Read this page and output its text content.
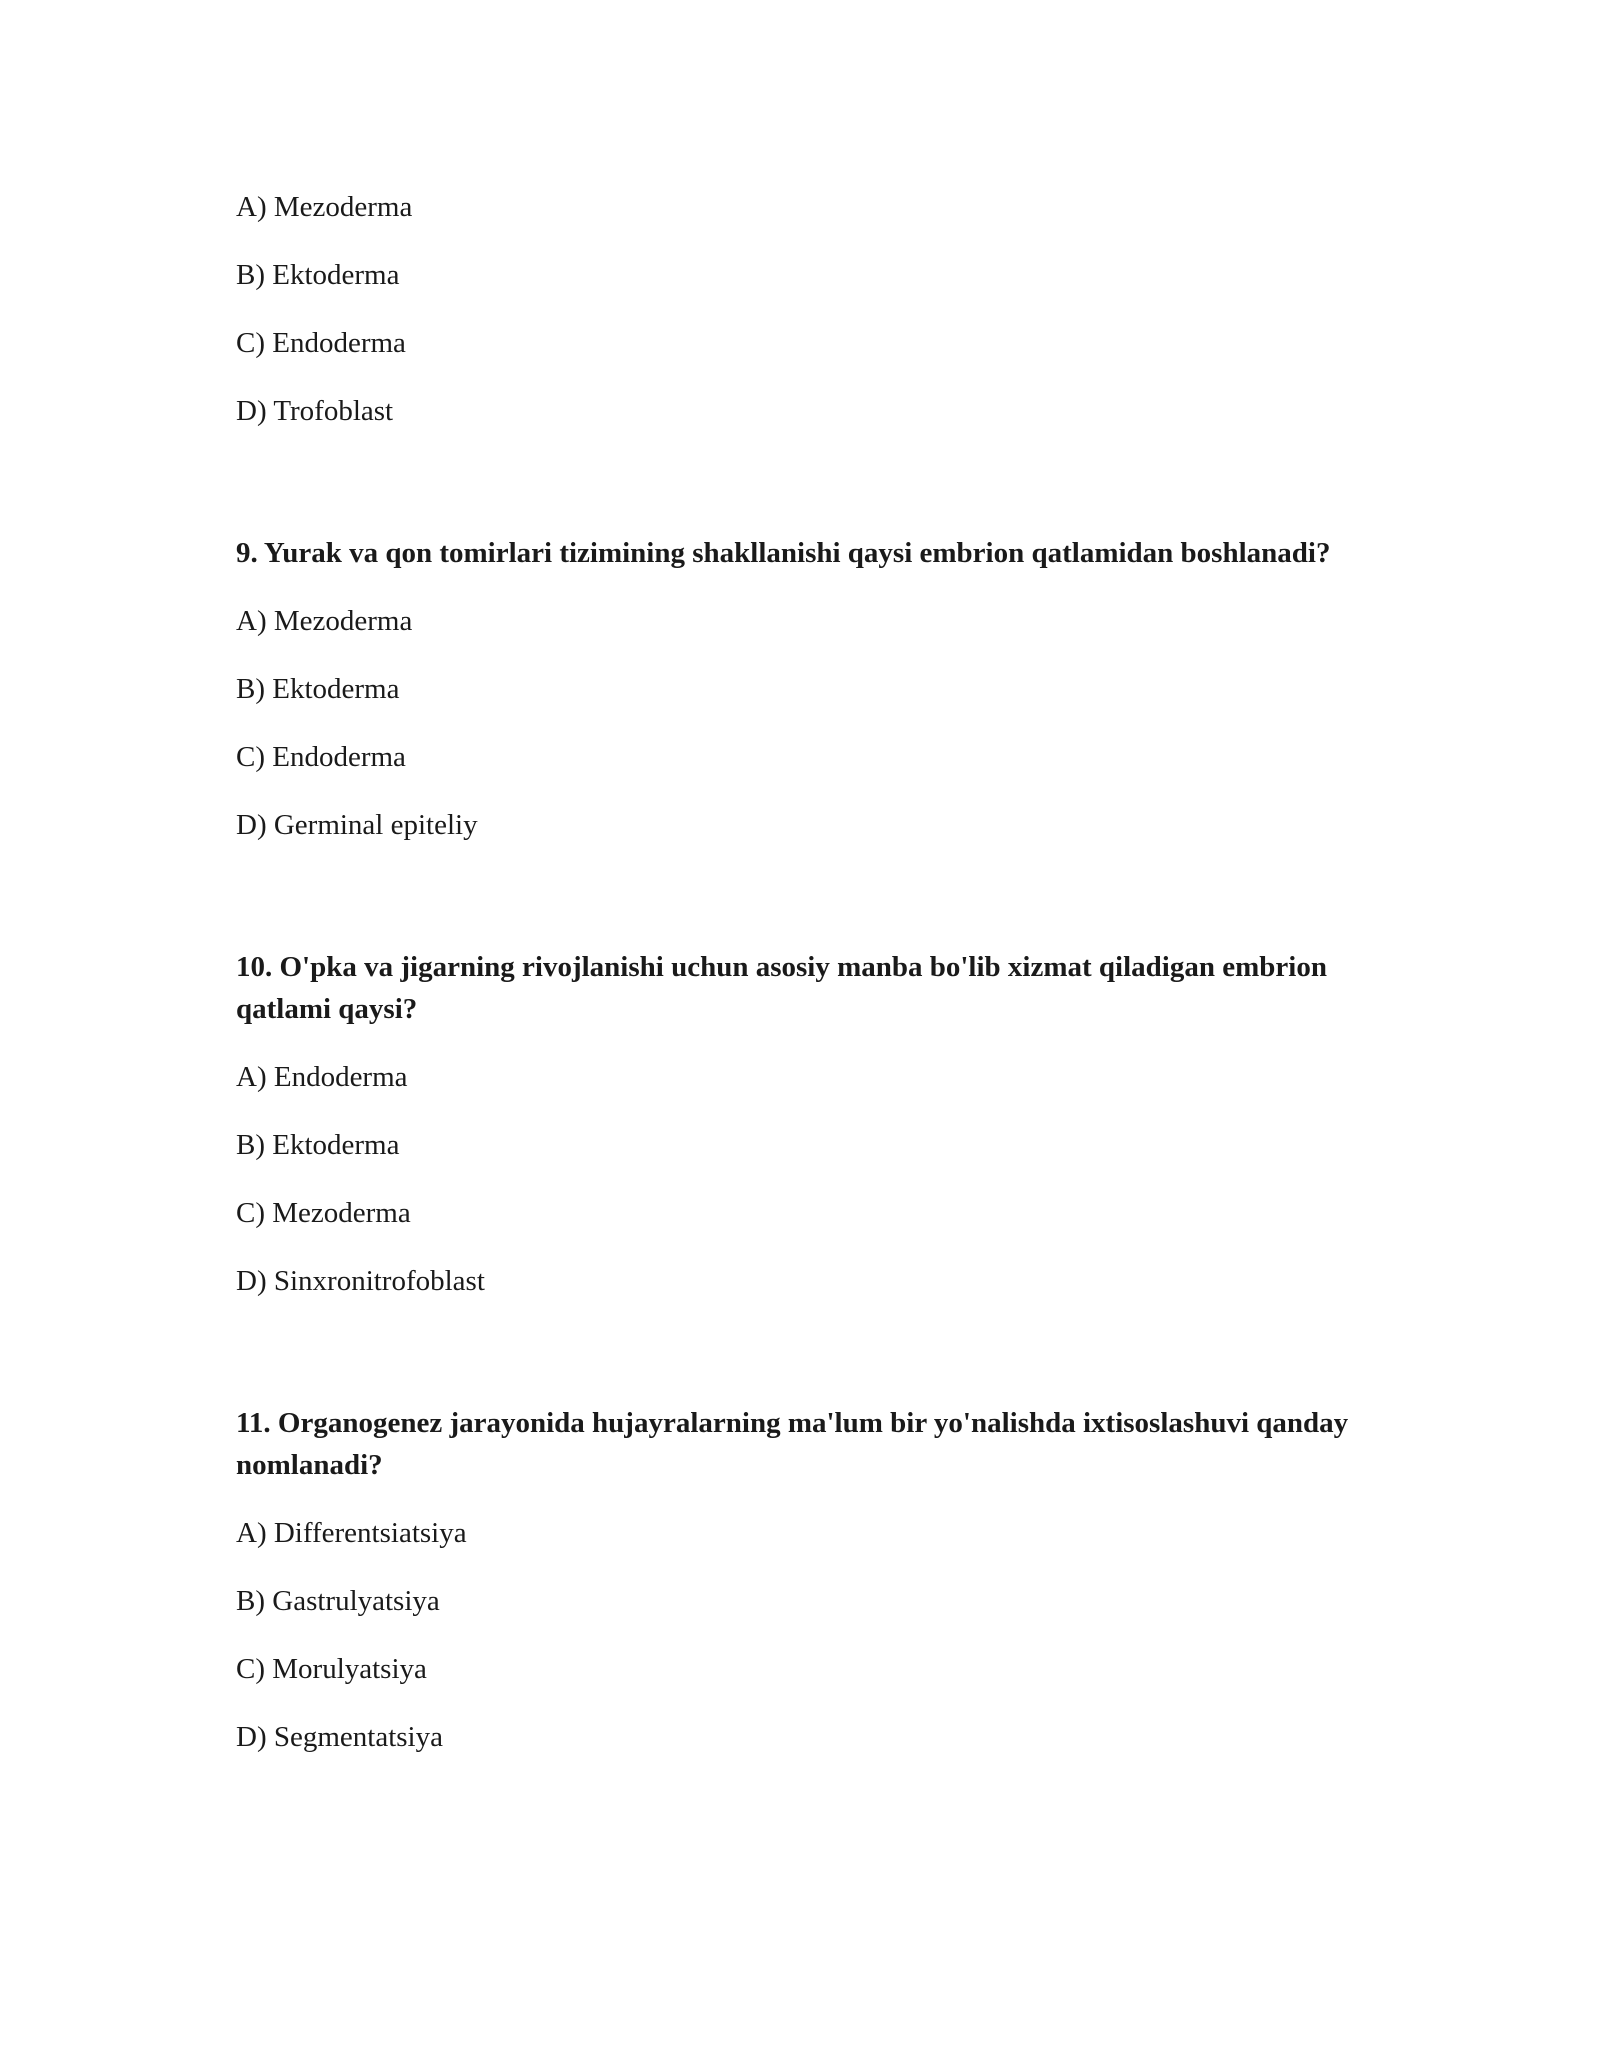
A) Mezoderma
B) Ektoderma
C) Endoderma
D) Trofoblast
9. Yurak va qon tomirlari tizimining shakllanishi qaysi embrion qatlamidan boshlanadi?
A) Mezoderma
B) Ektoderma
C) Endoderma
D) Germinal epiteliy
10. O'pka va jigarning rivojlanishi uchun asosiy manba bo'lib xizmat qiladigan embrion qatlami qaysi?
A) Endoderma
B) Ektoderma
C) Mezoderma
D) Sinxronitrofoblast
11. Organogenez jarayonida hujayralarning ma'lum bir yo'nalishda ixtisoslashuvi qanday nomlanadi?
A) Differentsiatsiya
B) Gastrulyatsiya
C) Morulyatsiya
D) Segmentatsiya
